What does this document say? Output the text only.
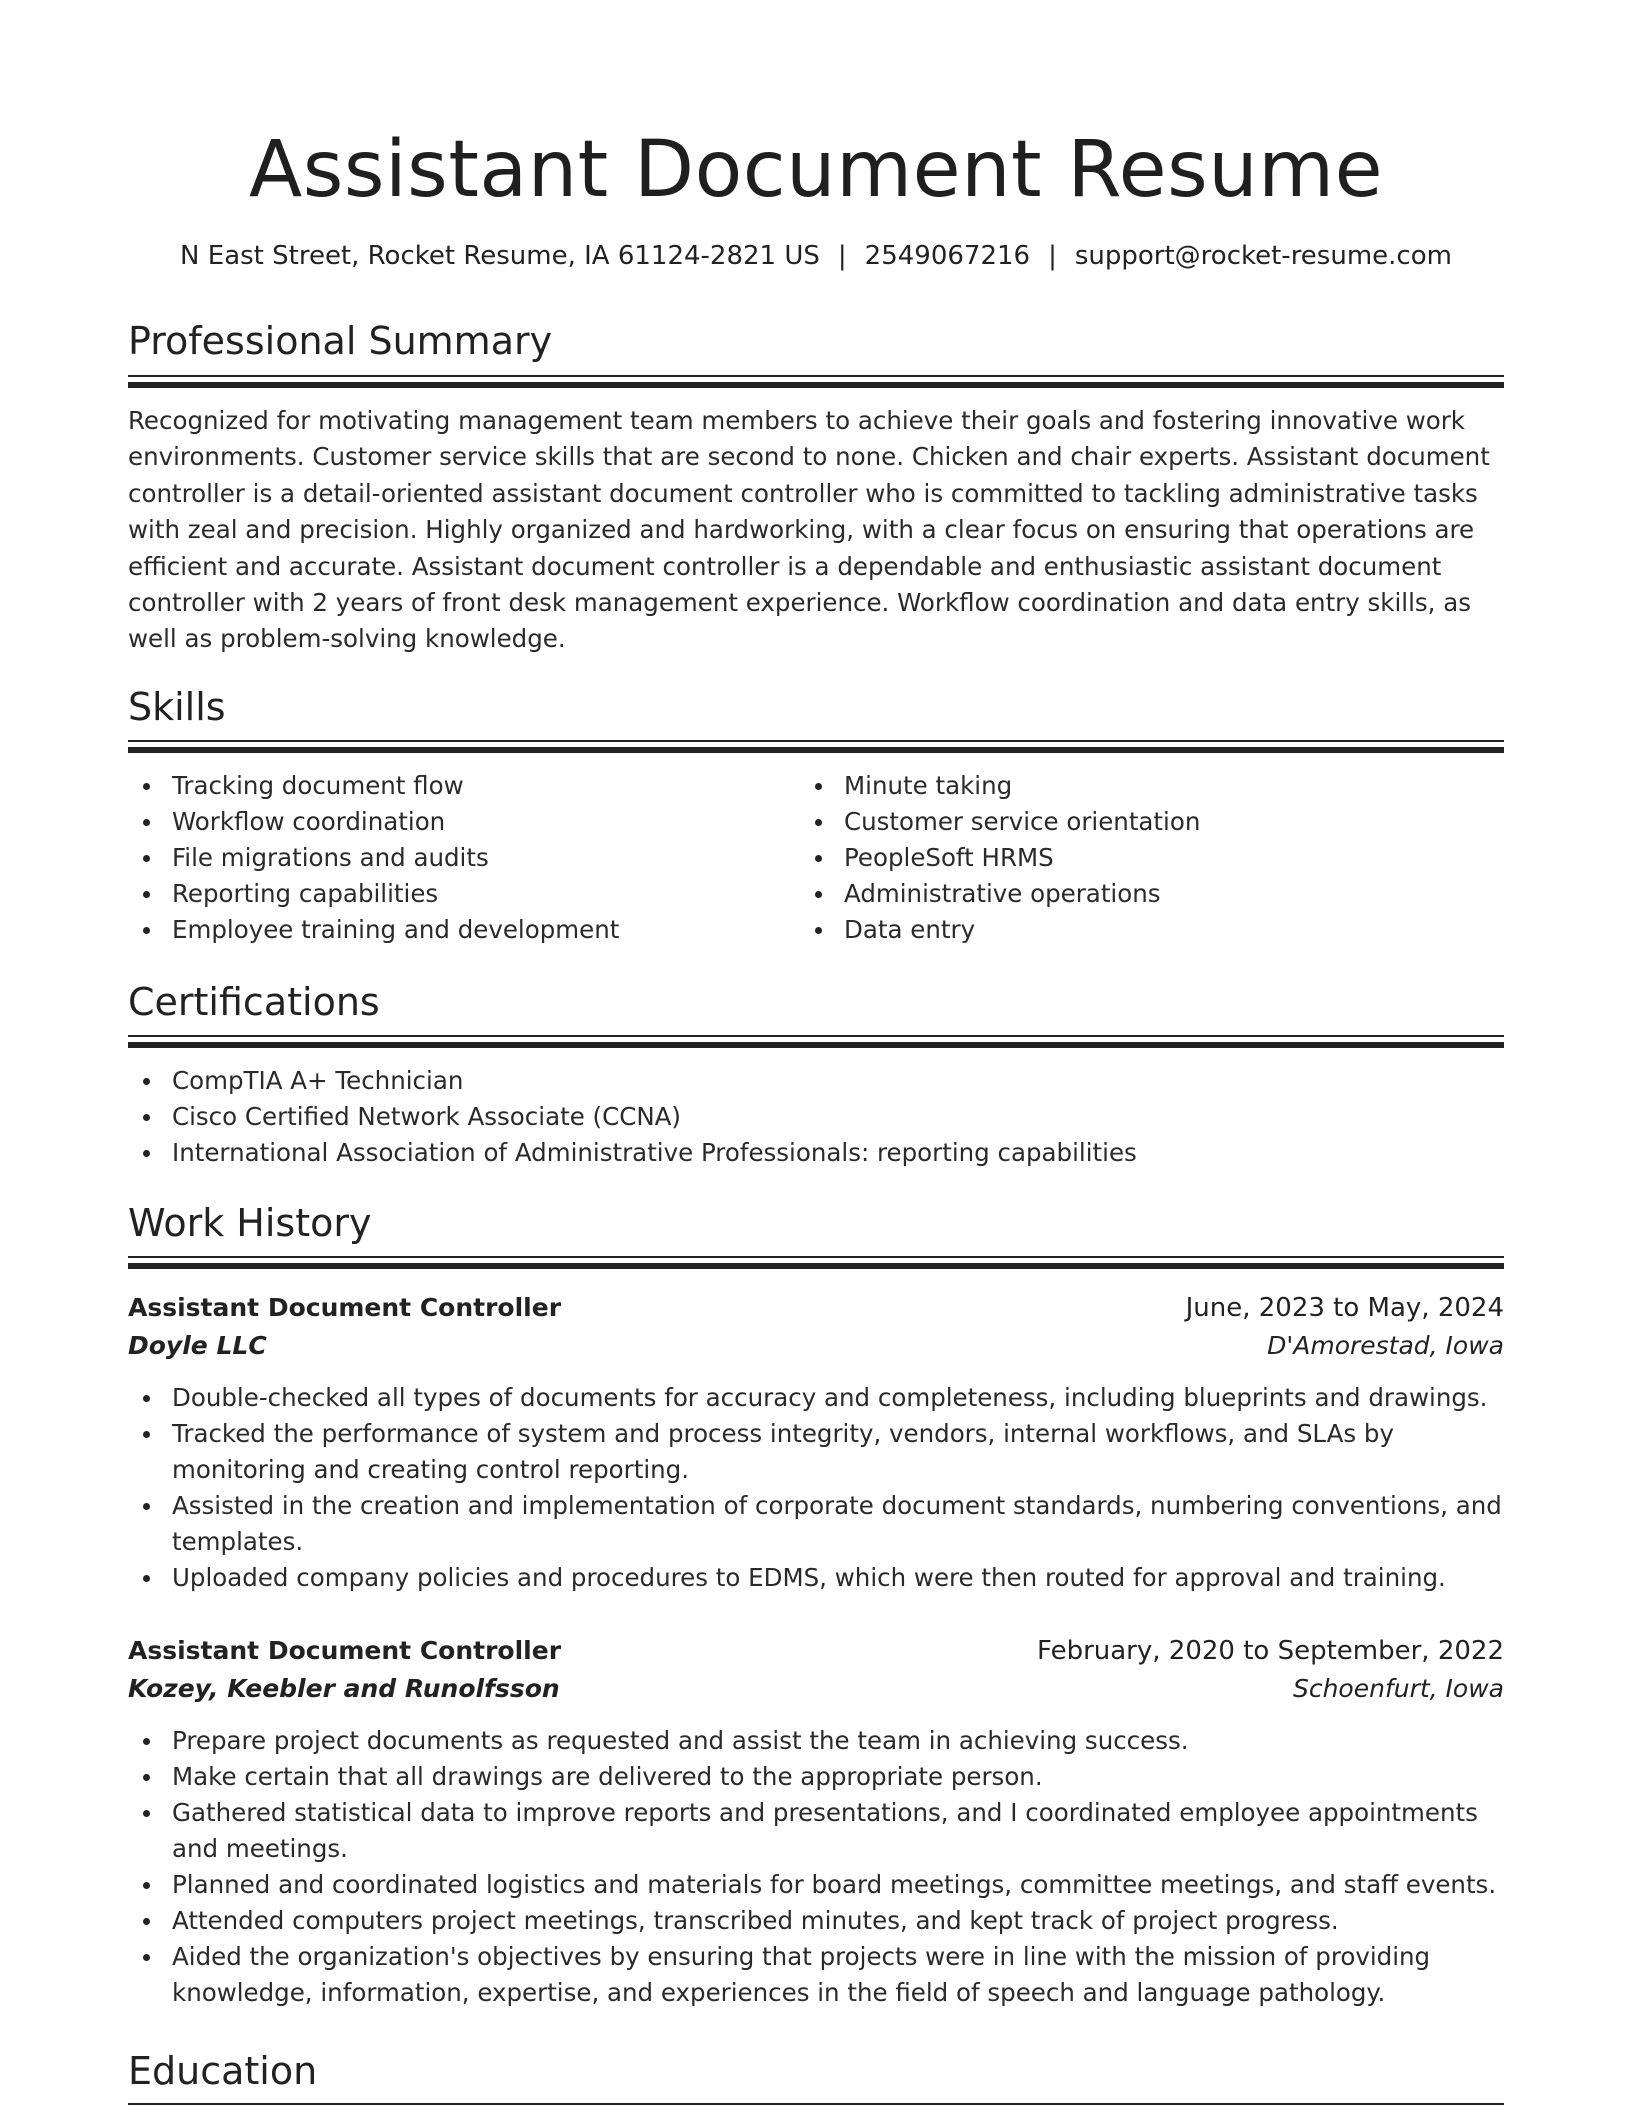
Assistant Document Resume
N East Street, Rocket Resume, IA 61124-2821 US | 2549067216 | support@rocket-resume.com
Professional Summary

Recognized for motivating management team members to achieve their goals and fostering innovative work environments. Customer service skills that are second to none. Chicken and chair experts. Assistant document controller is a detail-oriented assistant document controller who is committed to tackling administrative tasks with zeal and precision. Highly organized and hardworking, with a clear focus on ensuring that operations are efficient and accurate. Assistant document controller is a dependable and enthusiastic assistant document controller with 2 years of front desk management experience. Workflow coordination and data entry skills, as well as problem-solving knowledge.

Skills
Tracking document flow
Workflow coordination
File migrations and audits
Reporting capabilities
Employee training and development
Minute taking
Customer service orientation
PeopleSoft HRMS
Administrative operations
Data entry
Certifications
CompTIA A+ Technician
Cisco Certified Network Associate (CCNA)
International Association of Administrative Professionals: reporting capabilities
Work History
Assistant Document Controller	June, 2023 to May, 2024
Doyle LLC	D'Amorestad, Iowa
Double-checked all types of documents for accuracy and completeness, including blueprints and drawings.
Tracked the performance of system and process integrity, vendors, internal workflows, and SLAs by monitoring and creating control reporting.
Assisted in the creation and implementation of corporate document standards, numbering conventions, and templates.
Uploaded company policies and procedures to EDMS, which were then routed for approval and training.
Assistant Document Controller	February, 2020 to September, 2022
Kozey, Keebler and Runolfsson	Schoenfurt, Iowa
Prepare project documents as requested and assist the team in achieving success.
Make certain that all drawings are delivered to the appropriate person.
Gathered statistical data to improve reports and presentations, and I coordinated employee appointments and meetings.
Planned and coordinated logistics and materials for board meetings, committee meetings, and staff events.
Attended computers project meetings, transcribed minutes, and kept track of project progress.
Aided the organization's objectives by ensuring that projects were in line with the mission of providing knowledge, information, expertise, and experiences in the field of speech and language pathology.
Education
